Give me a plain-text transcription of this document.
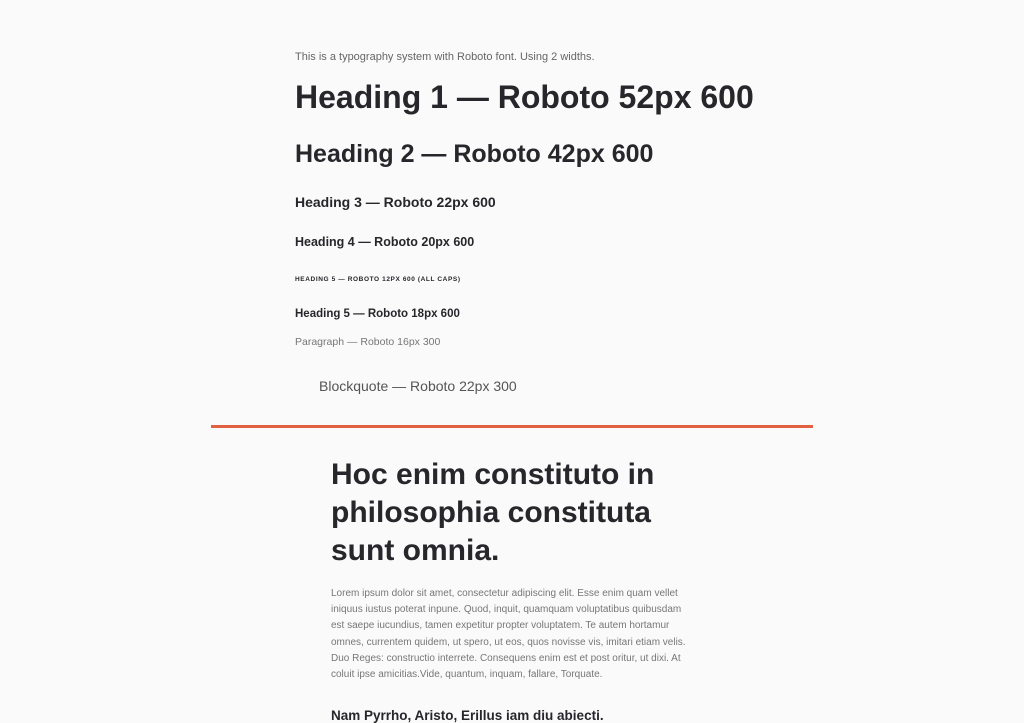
This is a typography system with Roboto font. Using 2 widths.

Heading 1 — Roboto 52px 600
Heading 2 — Roboto 42px 600
Heading 3 — Roboto 22px 600
Heading 4 — Roboto 20px 600
HEADING 5 — ROBOTO 12PX 600 (ALL CAPS)
Heading 5 — Roboto 18px 600

Paragraph — Roboto 16px 300

Blockquote — Roboto 22px 300
Hoc enim constituto in philosophia constituta sunt omnia.

Lorem ipsum dolor sit amet, consectetur adipiscing elit. Esse enim quam vellet iniquus iustus poterat inpune. Quod, inquit, quamquam voluptatibus quibusdam est saepe iucundius, tamen expetitur propter voluptatem. Te autem hortamur omnes, currentem quidem, ut spero, ut eos, quos novisse vis, imitari etiam velis. Duo Reges: constructio interrete. Consequens enim est et post oritur, ut dixi. At coluit ipse amicitias.Vide, quantum, inquam, fallare, Torquate.

Nam Pyrrho, Aristo, Erillus iam diu abiecti.
